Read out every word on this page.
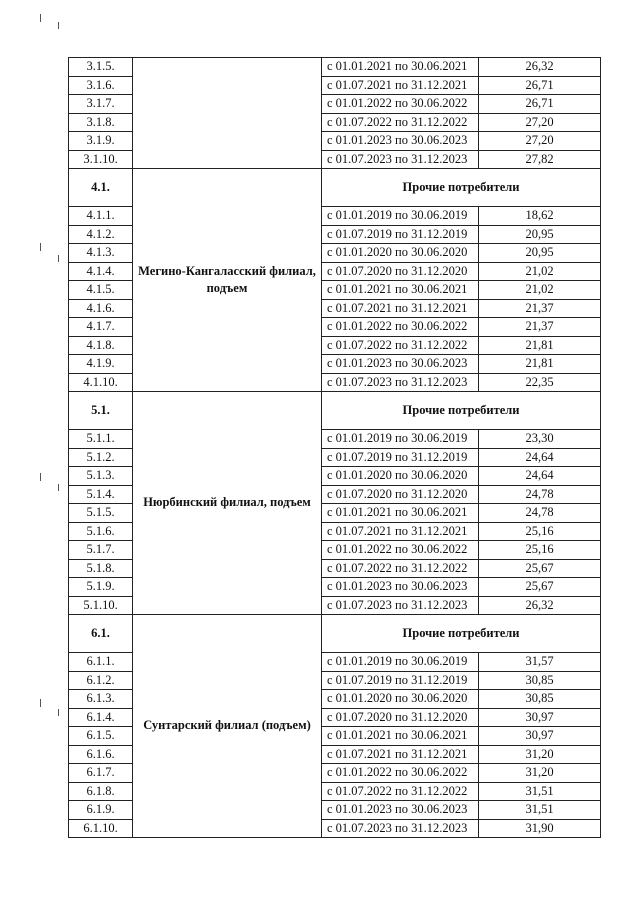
3.1.5.		с 01.01.2021 по 30.06.2021	26,32
3.1.6.		с 01.07.2021 по 31.12.2021	26,71
3.1.7.		с 01.01.2022 по 30.06.2022	26,71
3.1.8.		с 01.07.2022 по 31.12.2022	27,20
3.1.9.		с 01.01.2023 по 30.06.2023	27,20
3.1.10.		с 01.07.2023 по 31.12.2023	27,82
4.1.	Мегино-Кангаласский филиал, подъем	Прочие потребители	
4.1.1.		с 01.01.2019 по 30.06.2019	18,62
4.1.2.		с 01.07.2019 по 31.12.2019	20,95
4.1.3.		с 01.01.2020 по 30.06.2020	20,95
4.1.4.		с 01.07.2020 по 31.12.2020	21,02
4.1.5.		с 01.01.2021 по 30.06.2021	21,02
4.1.6.		с 01.07.2021 по 31.12.2021	21,37
4.1.7.		с 01.01.2022 по 30.06.2022	21,37
4.1.8.		с 01.07.2022 по 31.12.2022	21,81
4.1.9.		с 01.01.2023 по 30.06.2023	21,81
4.1.10.		с 01.07.2023 по 31.12.2023	22,35
5.1.	Нюрбинский филиал, подъем	Прочие потребители	
5.1.1.		с 01.01.2019 по 30.06.2019	23,30
5.1.2.		с 01.07.2019 по 31.12.2019	24,64
5.1.3.		с 01.01.2020 по 30.06.2020	24,64
5.1.4.		с 01.07.2020 по 31.12.2020	24,78
5.1.5.		с 01.01.2021 по 30.06.2021	24,78
5.1.6.		с 01.07.2021 по 31.12.2021	25,16
5.1.7.		с 01.01.2022 по 30.06.2022	25,16
5.1.8.		с 01.07.2022 по 31.12.2022	25,67
5.1.9.		с 01.01.2023 по 30.06.2023	25,67
5.1.10.		с 01.07.2023 по 31.12.2023	26,32
6.1.	Сунтарский филиал (подъем)	Прочие потребители	
6.1.1.		с 01.01.2019 по 30.06.2019	31,57
6.1.2.		с 01.07.2019 по 31.12.2019	30,85
6.1.3.		с 01.01.2020 по 30.06.2020	30,85
6.1.4.		с 01.07.2020 по 31.12.2020	30,97
6.1.5.		с 01.01.2021 по 30.06.2021	30,97
6.1.6.		с 01.07.2021 по 31.12.2021	31,20
6.1.7.		с 01.01.2022 по 30.06.2022	31,20
6.1.8.		с 01.07.2022 по 31.12.2022	31,51
6.1.9.		с 01.01.2023 по 30.06.2023	31,51
6.1.10.		с 01.07.2023 по 31.12.2023	31,90
